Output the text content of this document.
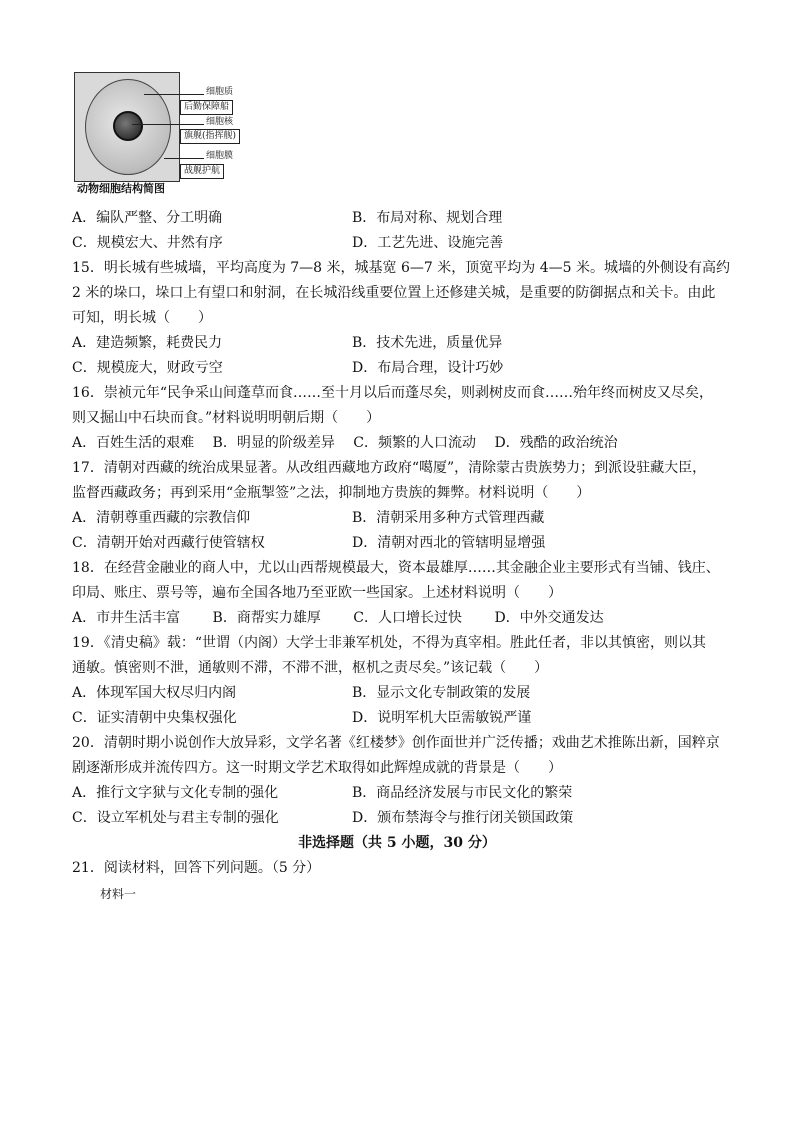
细胞质
后勤保障船
细胞核
旗舰(指挥舰)
细胞膜
战舰护航
动物细胞结构简图
A．编队严整、分工明确	B．布局对称、规划合理
C．规模宏大、井然有序	D．工艺先进、设施完善
15．明长城有些城墙，平均高度为 7—8 米，城基宽 6—7 米，顶宽平均为 4—5 米。城墙的外侧设有高约
2 米的垛口，垛口上有望口和射洞，在长城沿线重要位置上还修建关城，是重要的防御据点和关卡。由此
可知，明长城（　　）
A．建造频繁，耗费民力	B．技术先进，质量优异
C．规模庞大，财政亏空	D．布局合理，设计巧妙
16．崇祯元年“民争采山间蓬草而食……至十月以后而蓬尽矣，则剥树皮而食……殆年终而树皮又尽矣，
则又掘山中石块而食。”材料说明明朝后期（　　）
A．百姓生活的艰难　 B．明显的阶级差异　 C．频繁的人口流动　 D．残酷的政治统治
17．清朝对西藏的统治成果显著。从改组西藏地方政府“噶厦”，清除蒙古贵族势力；到派设驻藏大臣，
监督西藏政务；再到采用“金瓶掣签”之法，抑制地方贵族的舞弊。材料说明（　　）
A．清朝尊重西藏的宗教信仰	B．清朝采用多种方式管理西藏
C．清朝开始对西藏行使管辖权	D．清朝对西北的管辖明显增强
18．在经营金融业的商人中，尤以山西帮规模最大，资本最雄厚……其金融企业主要形式有当铺、钱庄、
印局、账庄、票号等，遍布全国各地乃至亚欧一些国家。上述材料说明（　　）
A．市井生活丰富　　 B．商帮实力雄厚　　 C．人口增长过快　　 D．中外交通发达
19．《清史稿》载：“世谓（内阁）大学士非兼军机处，不得为真宰相。胜此任者，非以其慎密，则以其
通敏。慎密则不泄，通敏则不滞，不滞不泄，枢机之责尽矣。”该记载（　　）
A．体现军国大权尽归内阁	B．显示文化专制政策的发展
C．证实清朝中央集权强化	D．说明军机大臣需敏锐严谨
20．清朝时期小说创作大放异彩，文学名著《红楼梦》创作面世并广泛传播；戏曲艺术推陈出新，国粹京
剧逐渐形成并流传四方。这一时期文学艺术取得如此辉煌成就的背景是（　　）
A．推行文字狱与文化专制的强化	B．商品经济发展与市民文化的繁荣
C．设立军机处与君主专制的强化	D．颁布禁海令与推行闭关锁国政策
非选择题（共 5 小题，30 分）
21．阅读材料，回答下列问题。（5 分）
材料一
